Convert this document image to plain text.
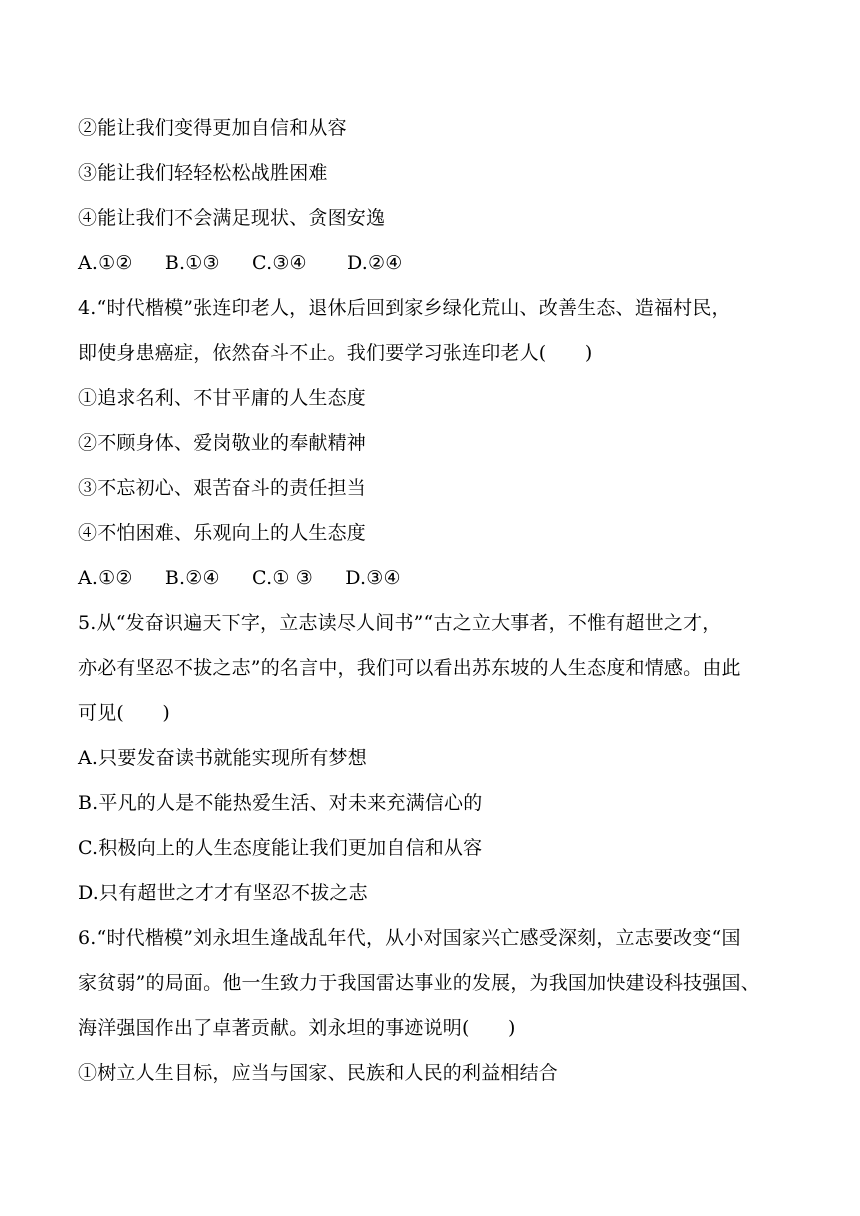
②能让我们变得更加自信和从容
③能让我们轻轻松松战胜困难
④能让我们不会满足现状、贪图安逸
A.①② B.①③ C.③④ D.②④
4.“时代楷模”张连印老人，退休后回到家乡绿化荒山、改善生态、造福村民，
即使身患癌症，依然奋斗不止。我们要学习张连印老人(　　)
①追求名利、不甘平庸的人生态度
②不顾身体、爱岗敬业的奉献精神
③不忘初心、艰苦奋斗的责任担当
④不怕困难、乐观向上的人生态度
A.①② B.②④ C.① ③ D.③④
5.从“发奋识遍天下字，立志读尽人间书”“古之立大事者，不惟有超世之才，
亦必有坚忍不拔之志”的名言中，我们可以看出苏东坡的人生态度和情感。由此
可见(　　)
A.只要发奋读书就能实现所有梦想
B.平凡的人是不能热爱生活、对未来充满信心的
C.积极向上的人生态度能让我们更加自信和从容
D.只有超世之才才有坚忍不拔之志
6.“时代楷模”刘永坦生逢战乱年代，从小对国家兴亡感受深刻，立志要改变“国
家贫弱”的局面。他一生致力于我国雷达事业的发展，为我国加快建设科技强国、
海洋强国作出了卓著贡献。刘永坦的事迹说明(　　)
①树立人生目标，应当与国家、民族和人民的利益相结合
